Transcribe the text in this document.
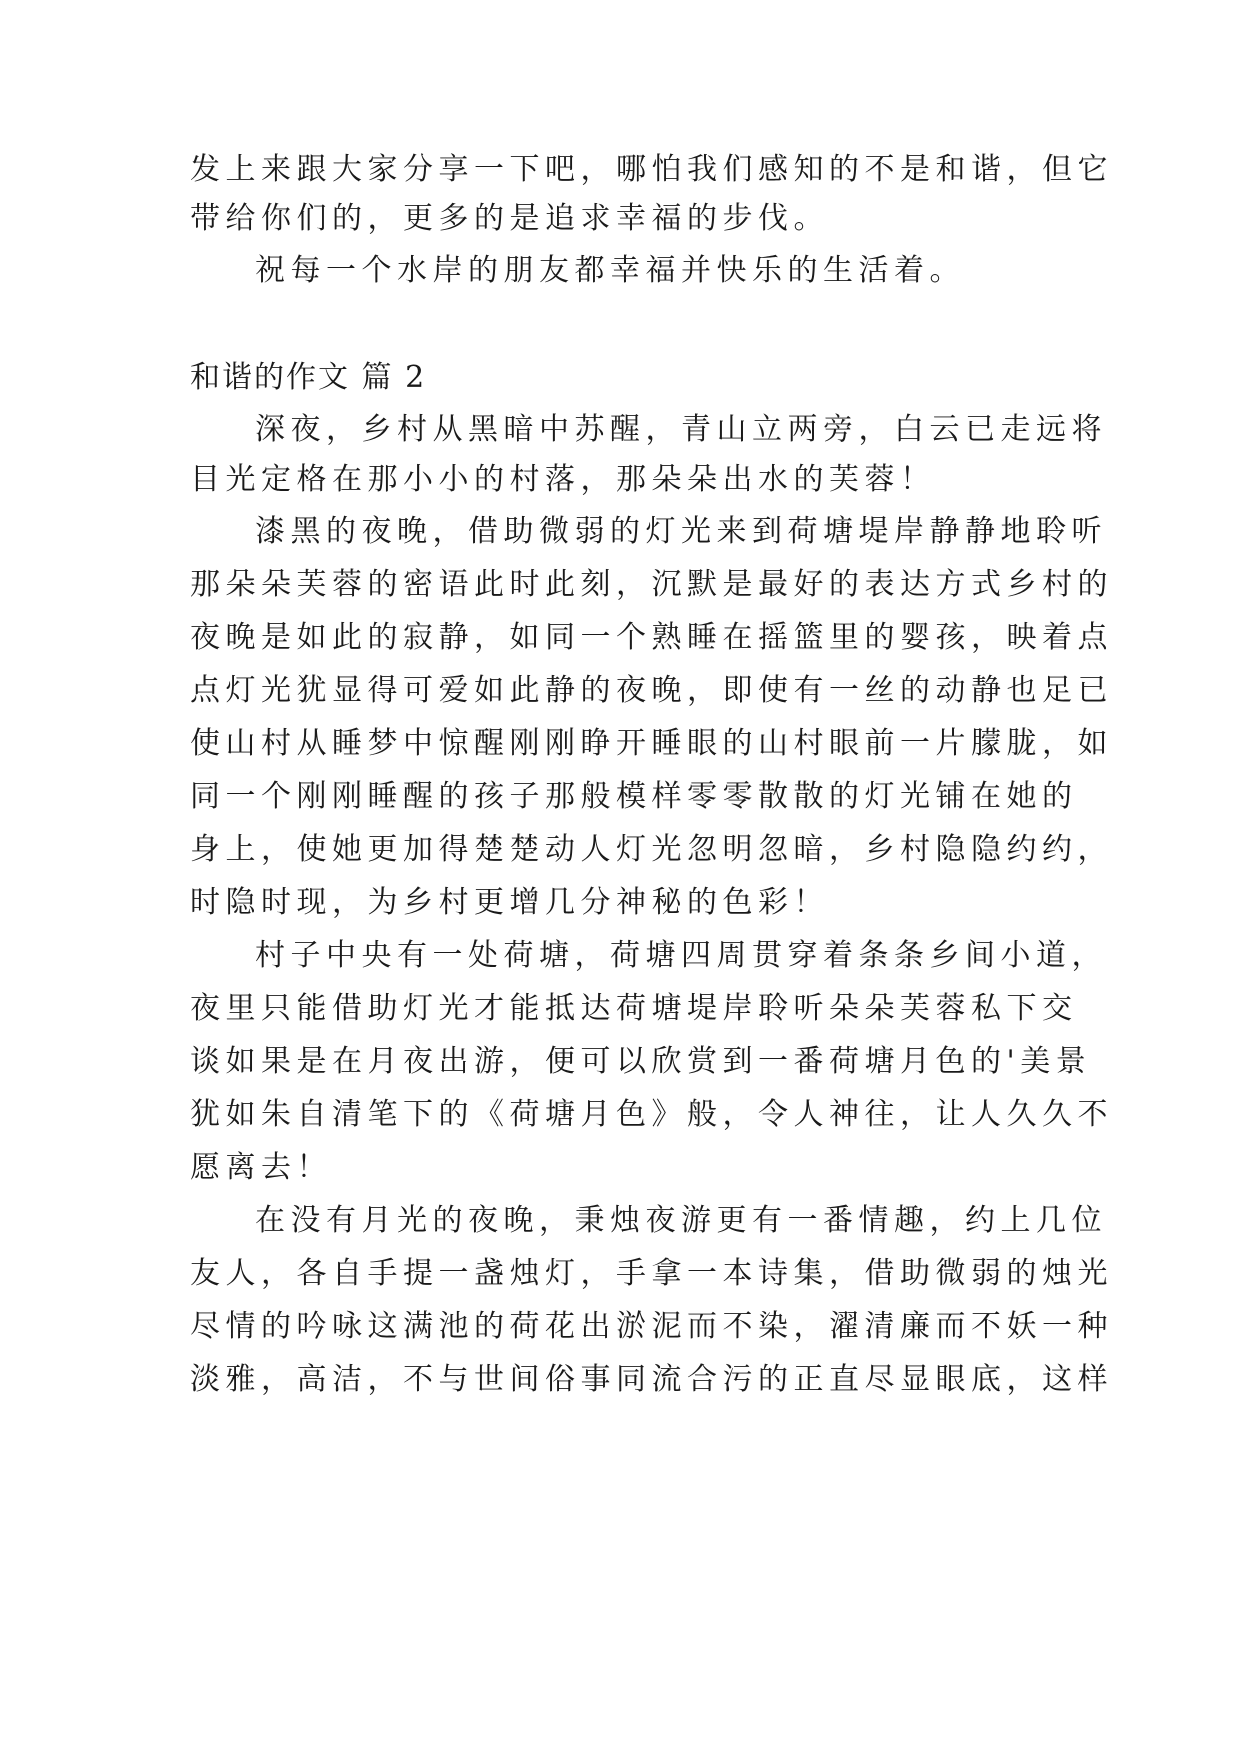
发上来跟大家分享一下吧，哪怕我们感知的不是和谐，但它
带给你们的，更多的是追求幸福的步伐。
祝每一个水岸的朋友都幸福并快乐的生活着。
和谐的作文 篇 2
深夜，乡村从黑暗中苏醒，青山立两旁，白云已走远将
目光定格在那小小的村落，那朵朵出水的芙蓉！
漆黑的夜晚，借助微弱的灯光来到荷塘堤岸静静地聆听
那朵朵芙蓉的密语此时此刻，沉默是最好的表达方式乡村的
夜晚是如此的寂静，如同一个熟睡在摇篮里的婴孩，映着点
点灯光犹显得可爱如此静的夜晚，即使有一丝的动静也足已
使山村从睡梦中惊醒刚刚睁开睡眼的山村眼前一片朦胧，如
同一个刚刚睡醒的孩子那般模样零零散散的灯光铺在她的
身上，使她更加得楚楚动人灯光忽明忽暗，乡村隐隐约约，
时隐时现，为乡村更增几分神秘的色彩！
村子中央有一处荷塘，荷塘四周贯穿着条条乡间小道，
夜里只能借助灯光才能抵达荷塘堤岸聆听朵朵芙蓉私下交
谈如果是在月夜出游，便可以欣赏到一番荷塘月色的'美景
犹如朱自清笔下的《荷塘月色》般，令人神往，让人久久不
愿离去！
在没有月光的夜晚，秉烛夜游更有一番情趣，约上几位
友人，各自手提一盏烛灯，手拿一本诗集，借助微弱的烛光
尽情的吟咏这满池的荷花出淤泥而不染，濯清廉而不妖一种
淡雅，高洁，不与世间俗事同流合污的正直尽显眼底，这样
